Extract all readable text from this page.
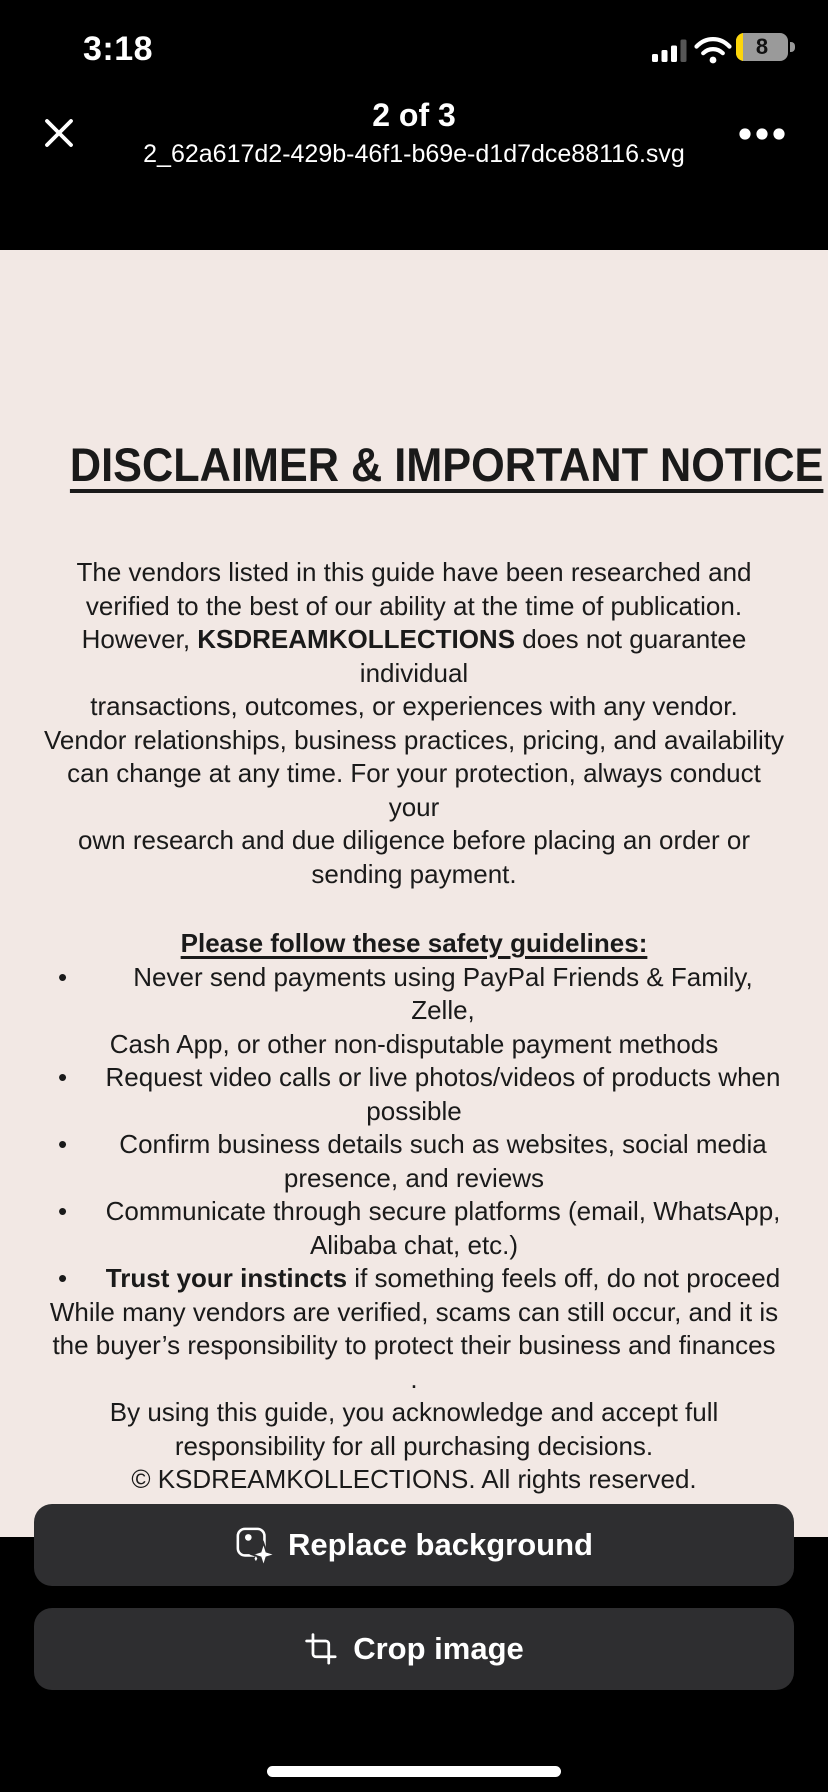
3:18	8
2 of 3
2_62a617d2-429b-46f1-b69e-d1d7dce88116.svg
DISCLAIMER & IMPORTANT NOTICE
The vendors listed in this guide have been researched and
verified to the best of our ability at the time of publication.
However, KSDREAMKOLLECTIONS does not guarantee individual
transactions, outcomes, or experiences with any vendor.
Vendor relationships, business practices, pricing, and availability
can change at any time. For your protection, always conduct your
own research and due diligence before placing an order or
sending payment.
Please follow these safety guidelines:
•	Never send payments using PayPal Friends & Family, Zelle,
Cash App, or other non-disputable payment methods
•	Request video calls or live photos/videos of products when
possible
•	Confirm business details such as websites, social media
presence, and reviews
•	Communicate through secure platforms (email, WhatsApp,
Alibaba chat, etc.)
•	Trust your instincts if something feels off, do not proceed
While many vendors are verified, scams can still occur, and it is
the buyer’s responsibility to protect their business and finances
.
By using this guide, you acknowledge and accept full
responsibility for all purchasing decisions.
© KSDREAMKOLLECTIONS. All rights reserved.
Replace background
Crop image
